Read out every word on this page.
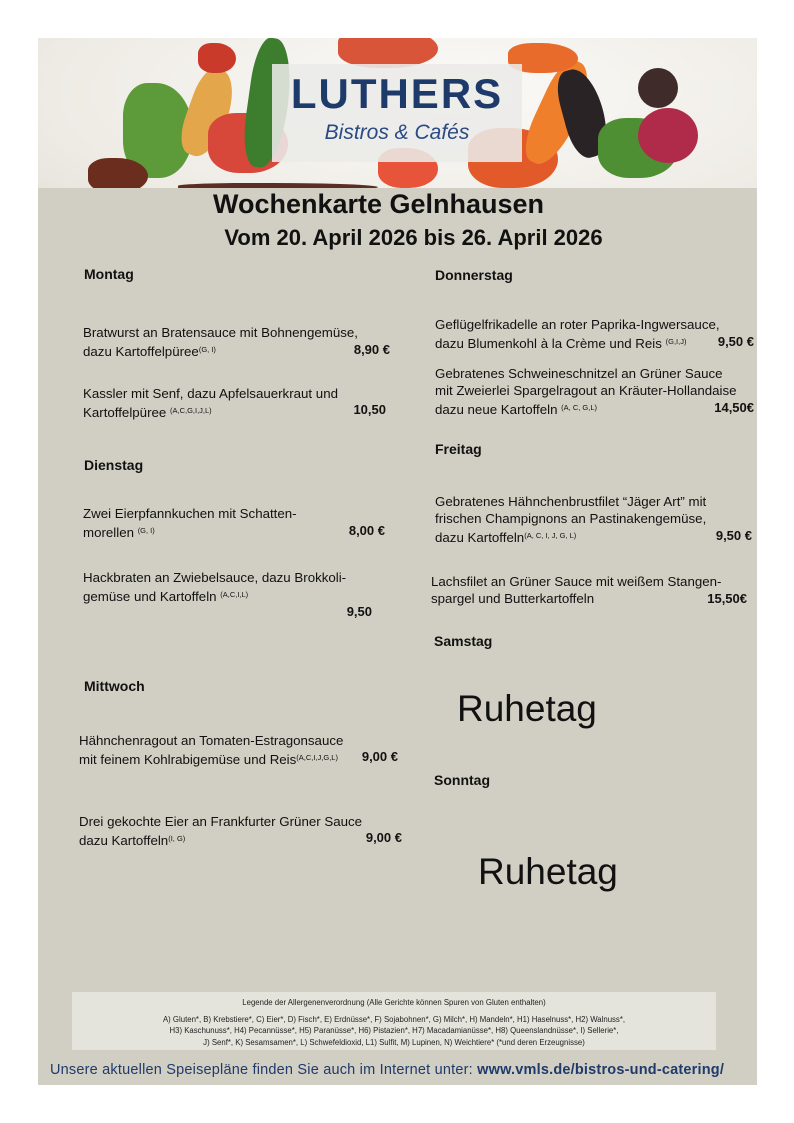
LUTHERS
Bistros & Cafés
Wochenkarte Gelnhausen
Vom 20. April 2026 bis 26. April 2026
Montag
Bratwurst an Bratensauce mit Bohnengemüse,
dazu Kartoffelpüree$^{(G, I)}$	8,90 €
Kassler mit Senf, dazu Apfelsauerkraut und
Kartoffelpüree $^{(A,C,G,I,J,L)}$	10,50
Dienstag
Zwei Eierpfannkuchen mit Schatten-
morellen $^{(G, I)}$	8,00 €
Hackbraten an Zwiebelsauce, dazu Brokkoli-
gemüse und Kartoffeln $^{(A,C,I,L)}$
9,50
Mittwoch
Hähnchenragout an Tomaten-Estragonsauce
mit feinem Kohlrabigemüse und Reis$^{(A,C,I,J,G,L)}$	9,00 €
Drei gekochte Eier an Frankfurter Grüner Sauce
dazu Kartoffeln$^{(I, G)}$	9,00 €
Donnerstag
Geflügelfrikadelle an roter Paprika-Ingwersauce,
dazu Blumenkohl à la Crème und Reis $^{(G,I,J)}$	9,50 €
Gebratenes Schweineschnitzel an Grüner Sauce
mit Zweierlei Spargelragout an Kräuter-Hollandaise
dazu neue Kartoffeln $^{(A, C, G,L)}$	14,50€
Freitag
Gebratenes Hähnchenbrustfilet “Jäger Art” mit
frischen Champignons an Pastinakengemüse,
dazu Kartoffeln$^{(A, C, I, J, G, L)}$	9,50 €
Lachsfilet an Grüner Sauce mit weißem Stangen-
spargel und Butterkartoffeln	15,50€
Samstag
Ruhetag
Sonntag
Ruhetag
Legende der Allergenenverordnung (Alle Gerichte können Spuren von Gluten enthalten)
A) Gluten*, B) Krebstiere*, C) Eier*, D) Fisch*, E) Erdnüsse*, F) Sojabohnen*, G) Milch*, H) Mandeln*, H1) Haselnuss*, H2) Walnuss*,
H3) Kaschunuss*, H4) Pecannüsse*, H5) Paranüsse*, H6) Pistazien*, H7) Macadamianüsse*, H8) Queenslandnüsse*, I) Sellerie*,
J) Senf*, K) Sesamsamen*, L) Schwefeldioxid, L1) Sulfit, M) Lupinen, N) Weichtiere* (*und deren Erzeugnisse)
Unsere aktuellen Speisepläne finden Sie auch im Internet unter: www.vmls.de/bistros-und-catering/
